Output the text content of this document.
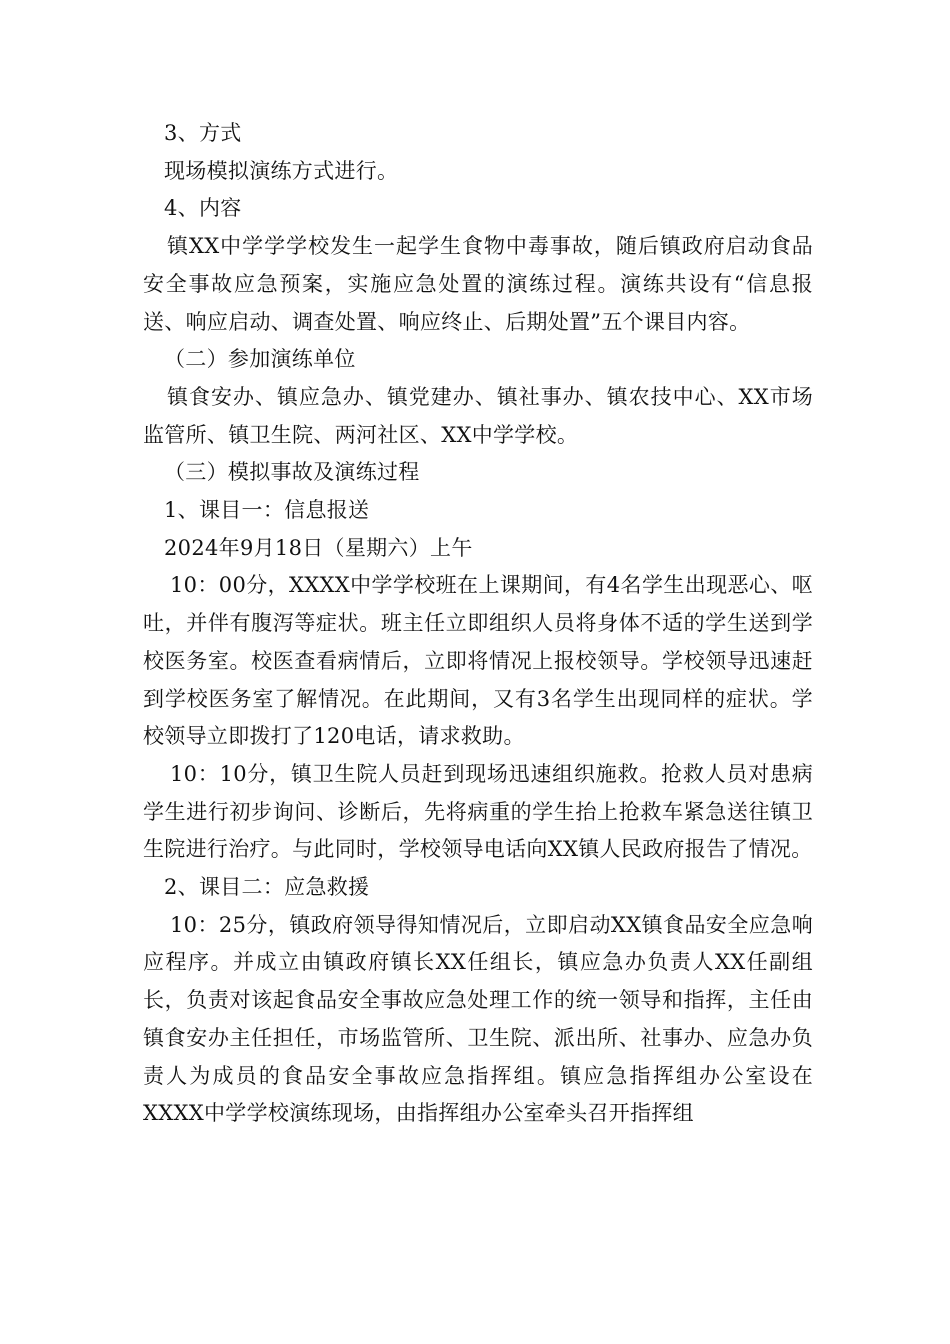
3、方式

现场模拟演练方式进行。

4、内容

镇XX中学学学校发生一起学生食物中毒事故，随后镇政府启动食品安全事故应急预案，实施应急处置的演练过程。演练共设有“信息报送、响应启动、调查处置、响应终止、后期处置”五个课目内容。

（二）参加演练单位

镇食安办、镇应急办、镇党建办、镇社事办、镇农技中心、XX市场监管所、镇卫生院、两河社区、XX中学学校。

（三）模拟事故及演练过程

1、课目一：信息报送

2024年9月18日（星期六）上午

10：00分，XXXX中学学校班在上课期间，有4名学生出现恶心、呕吐，并伴有腹泻等症状。班主任立即组织人员将身体不适的学生送到学校医务室。校医查看病情后，立即将情况上报校领导。学校领导迅速赶到学校医务室了解情况。在此期间，又有3名学生出现同样的症状。学校领导立即拨打了120电话，请求救助。

10：10分，镇卫生院人员赶到现场迅速组织施救。抢救人员对患病学生进行初步询问、诊断后，先将病重的学生抬上抢救车紧急送往镇卫生院进行治疗。与此同时，学校领导电话向XX镇人民政府报告了情况。

2、课目二：应急救援

10：25分，镇政府领导得知情况后，立即启动XX镇食品安全应急响应程序。并成立由镇政府镇长XX任组长，镇应急办负责人XX任副组长，负责对该起食品安全事故应急处理工作的统一领导和指挥，主任由镇食安办主任担任，市场监管所、卫生院、派出所、社事办、应急办负责人为成员的食品安全事故应急指挥组。镇应急指挥组办公室设在XXXX中学学校演练现场，由指挥组办公室牵头召开指挥组
